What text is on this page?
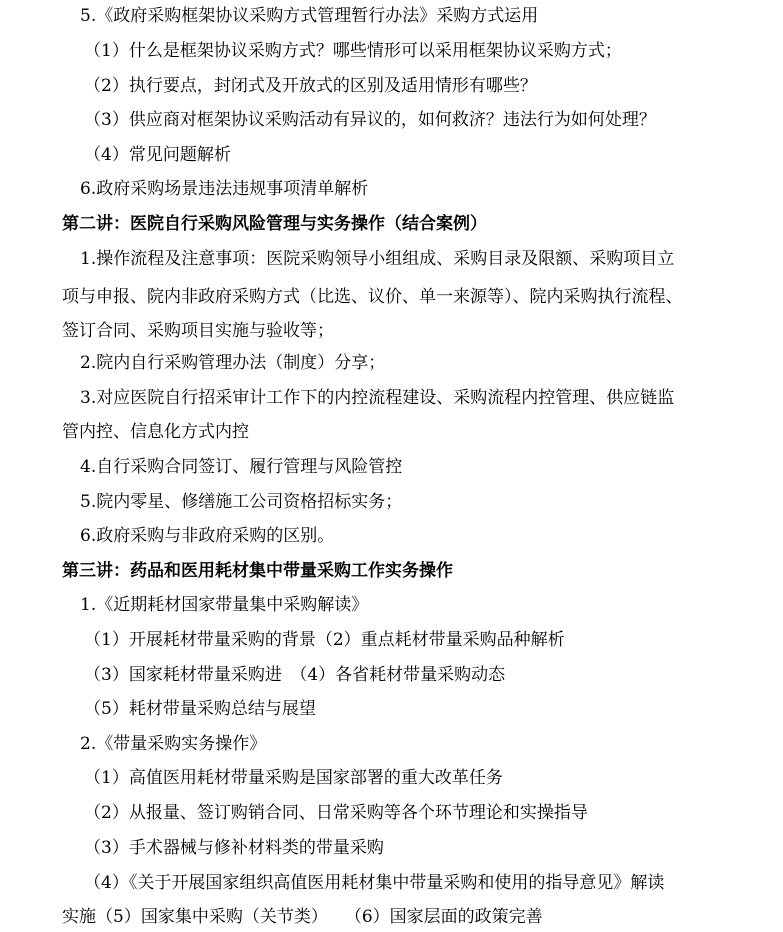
5.《政府采购框架协议采购方式管理暂行办法》采购方式运用
（1）什么是框架协议采购方式？哪些情形可以采用框架协议采购方式；
（2）执行要点，封闭式及开放式的区别及适用情形有哪些？
（3）供应商对框架协议采购活动有异议的，如何救济？违法行为如何处理？
（4）常见问题解析
6.政府采购场景违法违规事项清单解析
第二讲：医院自行采购风险管理与实务操作（结合案例）
1.操作流程及注意事项：医院采购领导小组组成、采购目录及限额、采购项目立
项与申报、院内非政府采购方式（比选、议价、单一来源等）、院内采购执行流程、
签订合同、采购项目实施与验收等；
2.院内自行采购管理办法（制度）分享；
3.对应医院自行招采审计工作下的内控流程建设、采购流程内控管理、供应链监
管内控、信息化方式内控
4.自行采购合同签订、履行管理与风险管控
5.院内零星、修缮施工公司资格招标实务；
6.政府采购与非政府采购的区别。
第三讲：药品和医用耗材集中带量采购工作实务操作
1.《近期耗材国家带量集中采购解读》
（1）开展耗材带量采购的背景（2）重点耗材带量采购品种解析
（3）国家耗材带量采购进　（4）各省耗材带量采购动态
（5）耗材带量采购总结与展望
2.《带量采购实务操作》
（1）高值医用耗材带量采购是国家部署的重大改革任务
（2）从报量、签订购销合同、日常采购等各个环节理论和实操指导
（3）手术器械与修补材料类的带量采购
（4）《关于开展国家组织高值医用耗材集中带量采购和使用的指导意见》解读
实施（5）国家集中采购（关节类）　　（6）国家层面的政策完善
